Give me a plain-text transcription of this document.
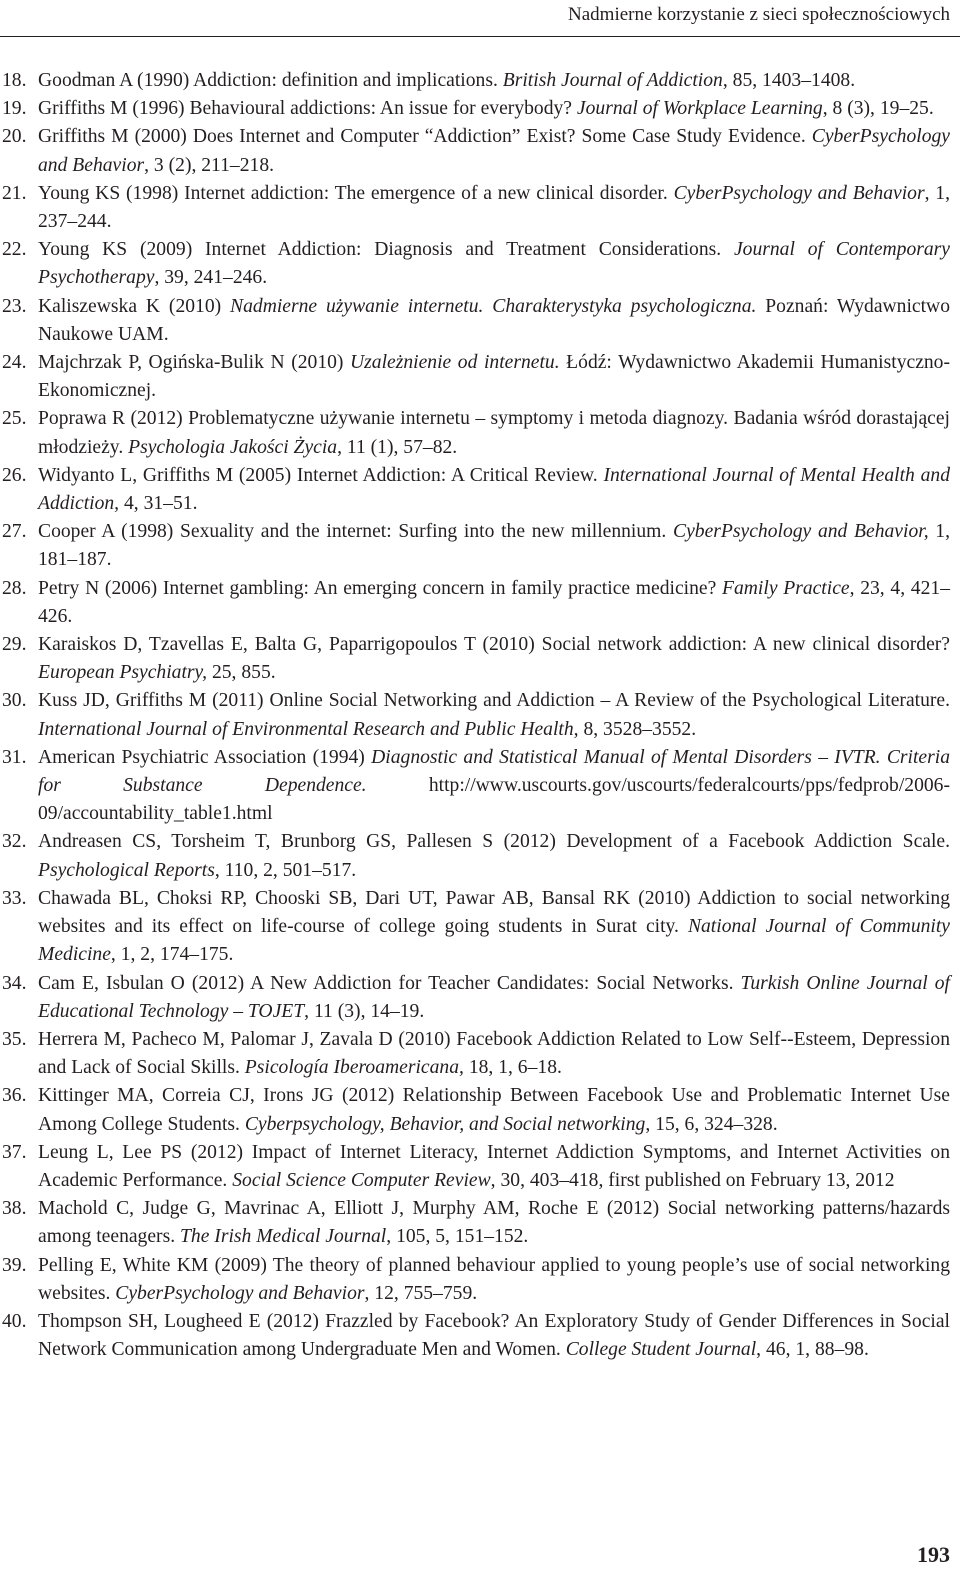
Nadmierne korzystanie z sieci społecznościowych
18. Goodman A (1990) Addiction: definition and implications. British Journal of Addiction, 85, 1403–1408.
19. Griffiths M (1996) Behavioural addictions: An issue for everybody? Journal of Workplace Learning, 8 (3), 19–25.
20. Griffiths M (2000) Does Internet and Computer “Addiction” Exist? Some Case Study Evidence. CyberPsychology and Behavior, 3 (2), 211–218.
21. Young KS (1998) Internet addiction: The emergence of a new clinical disorder. CyberPsychology and Behavior, 1, 237–244.
22. Young KS (2009) Internet Addiction: Diagnosis and Treatment Considerations. Journal of Contemporary Psychotherapy, 39, 241–246.
23. Kaliszewska K (2010) Nadmierne używanie internetu. Charakterystyka psychologiczna. Poznań: Wydawnictwo Naukowe UAM.
24. Majchrzak P, Ogińska-Bulik N (2010) Uzależnienie od internetu. Łódź: Wydawnictwo Akademii Humanistyczno-Ekonomicznej.
25. Poprawa R (2012) Problematyczne używanie internetu – symptomy i metoda diagnozy. Badania wśród dorastającej młodzieży. Psychologia Jakości Życia, 11 (1), 57–82.
26. Widyanto L, Griffiths M (2005) Internet Addiction: A Critical Review. International Journal of Mental Health and Addiction, 4, 31–51.
27. Cooper A (1998) Sexuality and the internet: Surfing into the new millennium. CyberPsychology and Behavior, 1, 181–187.
28. Petry N (2006) Internet gambling: An emerging concern in family practice medicine? Family Practice, 23, 4, 421–426.
29. Karaiskos D, Tzavellas E, Balta G, Paparrigopoulos T (2010) Social network addiction: A new clinical disorder? European Psychiatry, 25, 855.
30. Kuss JD, Griffiths M (2011) Online Social Networking and Addiction – A Review of the Psychological Literature. International Journal of Environmental Research and Public Health, 8, 3528–3552.
31. American Psychiatric Association (1994) Diagnostic and Statistical Manual of Mental Disorders – IVTR. Criteria for Substance Dependence. http://www.uscourts.gov/uscourts/federalcourts/pps/fedprob/2006-09/accountability_table1.html
32. Andreasen CS, Torsheim T, Brunborg GS, Pallesen S (2012) Development of a Facebook Addiction Scale. Psychological Reports, 110, 2, 501–517.
33. Chawada BL, Choksi RP, Chooski SB, Dari UT, Pawar AB, Bansal RK (2010) Addiction to social networking websites and its effect on life-course of college going students in Surat city. National Journal of Community Medicine, 1, 2, 174–175.
34. Cam E, Isbulan O (2012) A New Addiction for Teacher Candidates: Social Networks. Turkish Online Journal of Educational Technology – TOJET, 11 (3), 14–19.
35. Herrera M, Pacheco M, Palomar J, Zavala D (2010) Facebook Addiction Related to Low Self--Esteem, Depression and Lack of Social Skills. Psicología Iberoamericana, 18, 1, 6–18.
36. Kittinger MA, Correia CJ, Irons JG (2012) Relationship Between Facebook Use and Problematic Internet Use Among College Students. Cyberpsychology, Behavior, and Social networking, 15, 6, 324–328.
37. Leung L, Lee PS (2012) Impact of Internet Literacy, Internet Addiction Symptoms, and Internet Activities on Academic Performance. Social Science Computer Review, 30, 403–418, first published on February 13, 2012
38. Machold C, Judge G, Mavrinac A, Elliott J, Murphy AM, Roche E (2012) Social networking patterns/hazards among teenagers. The Irish Medical Journal, 105, 5, 151–152.
39. Pelling E, White KM (2009) The theory of planned behaviour applied to young people’s use of social networking websites. CyberPsychology and Behavior, 12, 755–759.
40. Thompson SH, Lougheed E (2012) Frazzled by Facebook? An Exploratory Study of Gender Differences in Social Network Communication among Undergraduate Men and Women. College Student Journal, 46, 1, 88–98.
193
